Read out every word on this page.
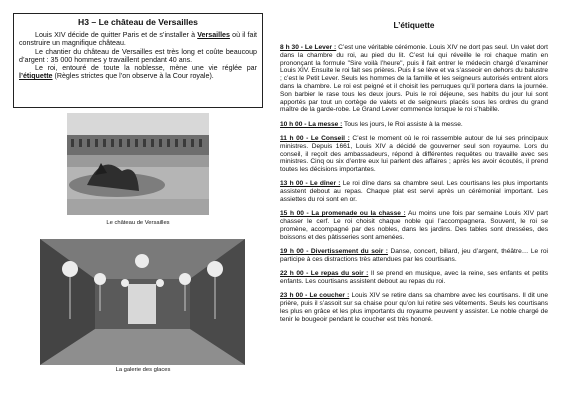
H3 – Le château de Versailles

Louis XIV décide de quitter Paris et de s’installer à Versailles où il fait construire un magnifique château.

Le chantier du château de Versailles est très long et coûte beaucoup d’argent : 35 000 hommes y travaillent pendant 40 ans.

Le roi, entouré de toute la noblesse, mène une vie réglée par l’étiquette (Règles strictes que l’on observe à la Cour royale).

Le château de Versailles
La galerie des glaces
L’étiquette

8 h 30 - Le Lever : C’est une véritable cérémonie. Louis XIV ne dort pas seul. Un valet dort dans la chambre du roi, au pied du lit. C’est lui qui réveille le roi chaque matin en prononçant la formule "Sire voilà l’heure", puis il fait entrer le médecin chargé d’examiner Louis XIV. Ensuite le roi fait ses prières. Puis il se lève et va s’asseoir en dehors du balustre ; c’est le Petit Lever. Seuls les hommes de la famille et les seigneurs autorisés entrent alors dans la chambre. Le roi est peigné et il choisit les perruques qu’il portera dans la journée. Son barbier le rase tous les deux jours. Puis le roi déjeune, ses habits du jour lui sont apportés par tout un cortège de valets et de seigneurs placés sous les ordres du grand maître de la garde-robe. Le Grand Lever commence lorsque le roi s’habille.

10 h 00 - La messe : Tous les jours, le Roi assiste à la messe.

11 h 00 - Le Conseil : C’est le moment où le roi rassemble autour de lui ses principaux ministres. Depuis 1661, Louis XIV a décidé de gouverner seul son royaume. Lors du conseil, il reçoit des ambassadeurs, répond à différentes requêtes ou travaille avec ses ministres. Cinq ou six d’entre eux lui parlent des affaires ; après les avoir écoutés, il prend toutes les décisions importantes.

13 h 00 - Le dîner : Le roi dîne dans sa chambre seul. Les courtisans les plus importants assistent debout au repas. Chaque plat est servi après un cérémonial important. Les assiettes du roi sont en or.

15 h 00 - La promenade ou la chasse : Au moins une fois par semaine Louis XIV part chasser le cerf. Le roi choisit chaque noble qui l’accompagnera. Souvent, le roi se promène, accompagné par des nobles, dans les jardins. Des tables sont dressées, des boissons et des pâtisseries sont amenées.

19 h 00 - Divertissement du soir : Danse, concert, billard, jeu d’argent, théâtre… Le roi participe à ces distractions très attendues par les courtisans.

22 h 00 - Le repas du soir : Il se prend en musique, avec la reine, ses enfants et petits enfants. Les courtisans assistent debout au repas du roi.

23 h 00 - Le coucher : Louis XIV se retire dans sa chambre avec les courtisans. Il dit une prière, puis il s’assoit sur sa chaise pour qu’on lui retire ses vêtements. Seuls les courtisans les plus en grâce et les plus importants du royaume peuvent y assister. Le noble chargé de tenir le bougeoir pendant le coucher est très honoré.
